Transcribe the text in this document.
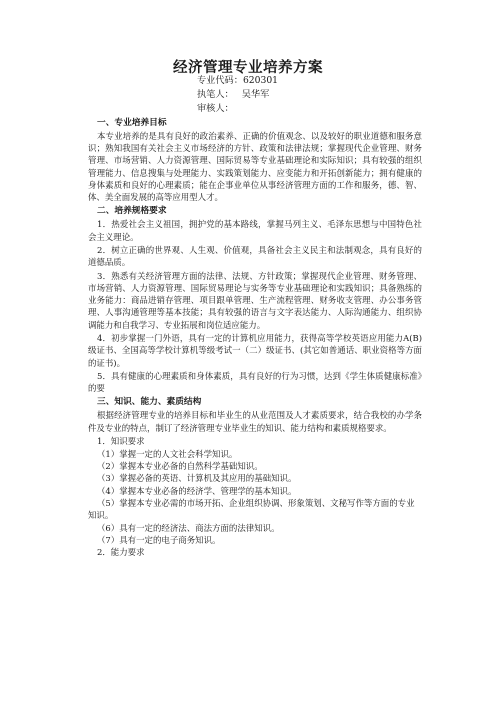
经济管理专业培养方案
专业代码：620301
执笔人： 吴华军
审核人：
一、专业培养目标
本专业培养的是具有良好的政治素养、正确的价值观念、以及较好的职业道德和服务意识；熟知我国有关社会主义市场经济的方针、政策和法律法规；掌握现代企业管理、财务管理、市场营销、人力资源管理、国际贸易等专业基础理论和实际知识；具有较强的组织管理能力、信息搜集与处理能力、实践策划能力、应变能力和开拓创新能力；拥有健康的身体素质和良好的心理素质；能在企事业单位从事经济管理方面的工作和服务，德、智、体、美全面发展的高等应用型人才。
二、培养规格要求
1．热爱社会主义祖国，拥护党的基本路线，掌握马列主义、毛泽东思想与中国特色社会主义理论。
2．树立正确的世界观、人生观、价值观，具备社会主义民主和法制观念，具有良好的道德品质。
3．熟悉有关经济管理方面的法律、法规、方针政策；掌握现代企业管理、财务管理、市场营销、人力资源管理、国际贸易理论与实务等专业基础理论和实践知识；具备熟练的业务能力：商品进销存管理、项目跟单管理、生产流程管理、财务收支管理、办公事务管理、人事沟通管理等基本技能；具有较强的语言与文字表达能力、人际沟通能力、组织协调能力和自我学习、专业拓展和岗位适应能力。
4．初步掌握一门外语，具有一定的计算机应用能力，获得高等学校英语应用能力A(B)级证书、全国高等学校计算机等级考试一（二）级证书、(其它如普通话、职业资格等方面的证书)。
5．具有健康的心理素质和身体素质，具有良好的行为习惯，达到《学生体质健康标准》的要
三、知识、能力、素质结构
根据经济管理专业的培养目标和毕业生的从业范围及人才素质要求，结合我校的办学条件及专业的特点，制订了经济管理专业毕业生的知识、能力结构和素质规格要求。
1．知识要求
（1）掌握一定的人文社会科学知识。
（2）掌握本专业必备的自然科学基础知识。
（3）掌握必备的英语、计算机及其应用的基础知识。
（4）掌握本专业必备的经济学、管理学的基本知识。
（5）掌握本专业必需的市场开拓、企业组织协调、形象策划、文秘写作等方面的专业知识。
（6）具有一定的经济法、商法方面的法律知识。
（7）具有一定的电子商务知识。
2．能力要求
